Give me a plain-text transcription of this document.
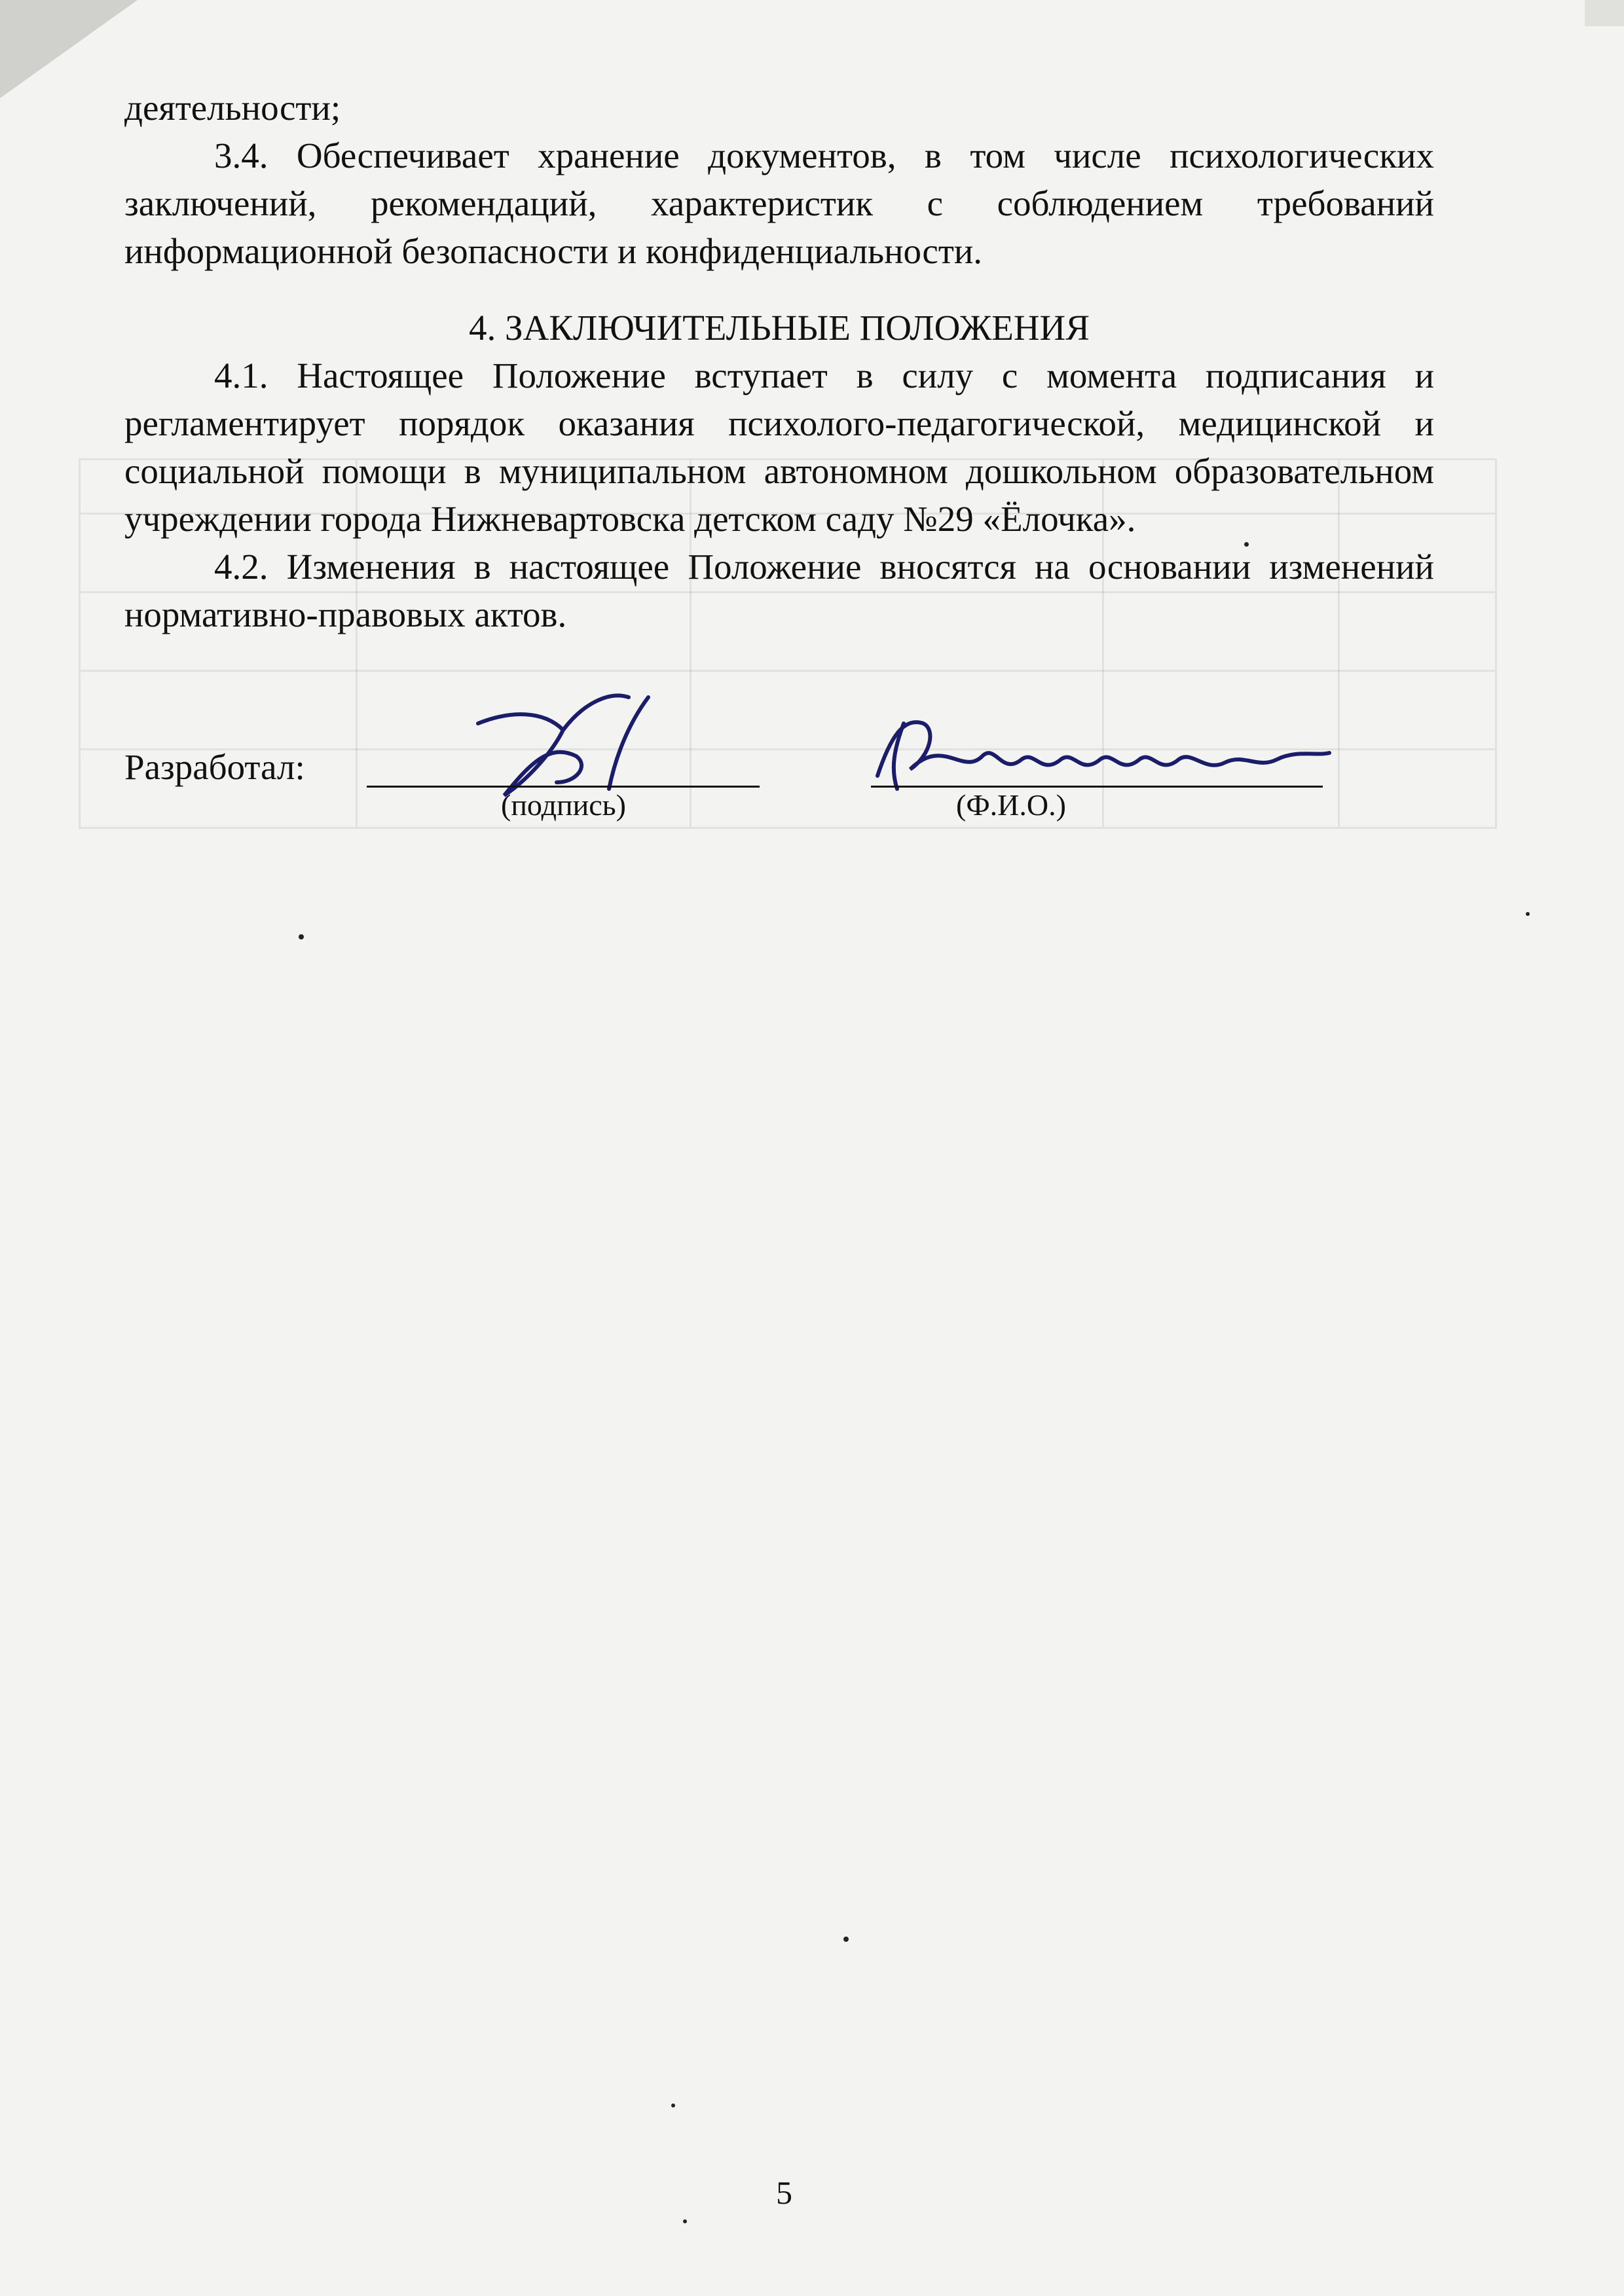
деятельности;

3.4. Обеспечивает хранение документов, в том числе психологических заключений, рекомендаций, характеристик с соблюдением требований информационной безопасности и конфиденциальности.

4. ЗАКЛЮЧИТЕЛЬНЫЕ ПОЛОЖЕНИЯ

4.1. Настоящее Положение вступает в силу с момента подписания и регламентирует порядок оказания психолого-педагогической, медицинской и социальной помощи в муниципальном автономном дошкольном образовательном учреждении города Нижневартовска детском саду №29 «Ёлочка».

4.2. Изменения в настоящее Положение вносятся на основании изменений нормативно-правовых актов.

Разработал:
(подпись)	(Ф.И.О.)
5
